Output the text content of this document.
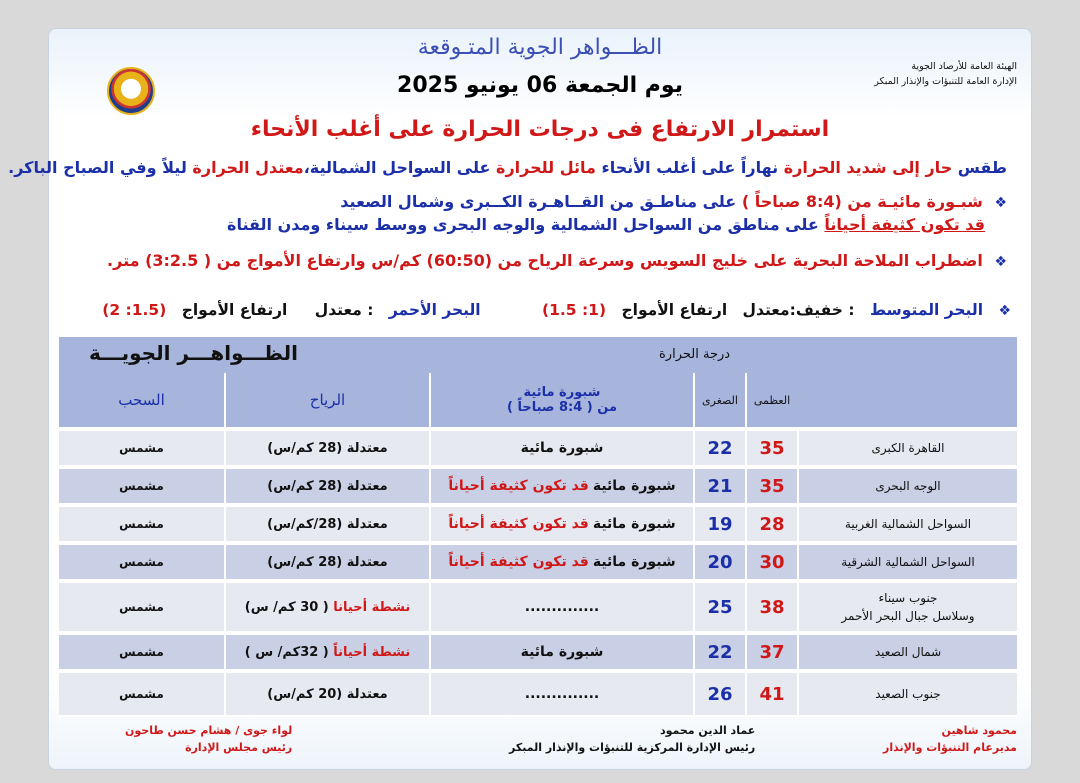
الظـــواهر الجوية المتـوقعة
يوم الجمعة 06 يونيو 2025
استمرار الارتفاع فى درجات الحرارة على أغلب الأنحاء
الهيئة العامة للأرصاد الجوية
الإدارة العامة للتنبؤات والإنذار المبكر
طقس حار إلى شديد الحرارة نهاراً على أغلب الأنحاء مائل للحرارة على السواحل الشمالية،معتدل الحرارة ليلاً وفي الصباح الباكر.
❖ شبـورة مائيـة من (8:4 صباحاً ) على مناطـق من القــاهـرة الكــبرى وشمال الصعيد
قد تكون كثيفة أحياناً على مناطق من السواحل الشمالية والوجه البحرى ووسط سيناء ومدن القناة
❖ اضطراب الملاحة البحرية على خليج السويس وسرعة الرياح من (60:50) كم/س وارتفاع الأمواج من ( 3:2.5) متر.
❖ البحر المتوسط : خفيف:معتدل ارتفاع الأمواج (1: 1.5) البحر الأحمر : معتدل ارتفاع الأمواج (1.5: 2)
الظـــواهـــر الجويـــة	درجة الحرارة
العظمى
الصغرى
شبورة مائية
من ( 8:4 صباحاً )
الرياح
السحب
القاهرة الكبرى
35
22
شبورة مائية
معتدلة (28 كم/س)
مشمس
الوجه البحرى
35
21
شبورة مائية
قد تكون كثيفة أحياناً
معتدلة (28 كم/س)
مشمس
السواحل الشمالية الغربية
28
19
شبورة مائية
قد تكون كثيفة أحياناً
معتدلة (28/كم/س)
مشمس
السواحل الشمالية الشرقية
30
20
شبورة مائية
قد تكون كثيفة أحياناً
معتدلة (28 كم/س)
مشمس
جنوب سيناء
وسلاسل جبال البحر الأحمر
38
25
..............
نشطة أحيانا

( 30 كم/ س)
مشمس
شمال الصعيد
37
22
شبورة مائية
نشطة أحياناً

( 32كم/ س )
مشمس
جنوب الصعيد
41
26
..............
معتدلة (20 كم/س)
مشمس
لواء جوى / هشام حسن طاحون
رئيس مجلس الإدارة
عماد الدين محمود
رئيس الإدارة المركزية للتنبؤات والإنذار المبكر
محمود شاهين
مديرعام التنبؤات والإنذار
